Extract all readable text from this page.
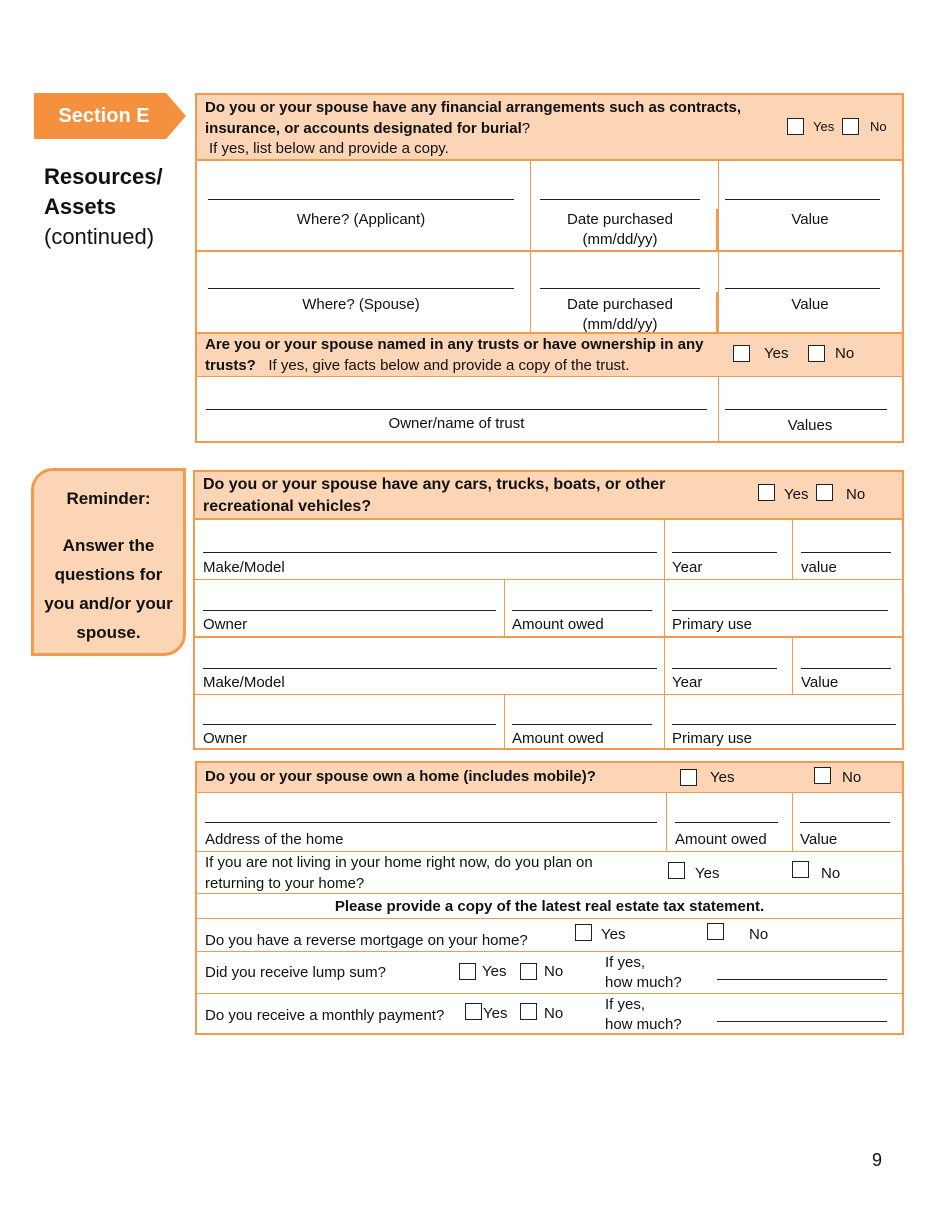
Section E
Resources/
Assets
(continued)
Do you or your spouse have any financial arrangements such as contracts, insurance, or accounts designated for burial?
If yes, list below and provide a copy.
Yes	No
Where? (Applicant)	Date purchased
(mm/dd/yy)
Value
Where? (Spouse)	Date purchased
(mm/dd/yy)
Value
Are you or your spouse named in any trusts or have ownership in any
trusts? If yes, give facts below and provide a copy of the trust.
Yes	No
Owner/name of trust	Values
Reminder:
Answer the questions for you and/or your spouse.
Do you or your spouse have any cars, trucks, boats, or other recreational vehicles?
Yes	No
Make/Model	Year	value
Owner	Amount owed	Primary use
Make/Model	Year	Value
Owner	Amount owed	Primary use
Do you or your spouse own a home (includes mobile)?	Yes	No
Address of the home	Amount owed Value
If you are not living in your home right now, do you plan on
returning to your home?
Yes	No
Please provide a copy of the latest real estate tax statement.
Do you have a reverse mortgage on your home?	Yes	No
Did you receive lump sum?	Yes	No
If yes,
how much?
Do you receive a monthly payment?	Yes No
If yes,
how much?
9
